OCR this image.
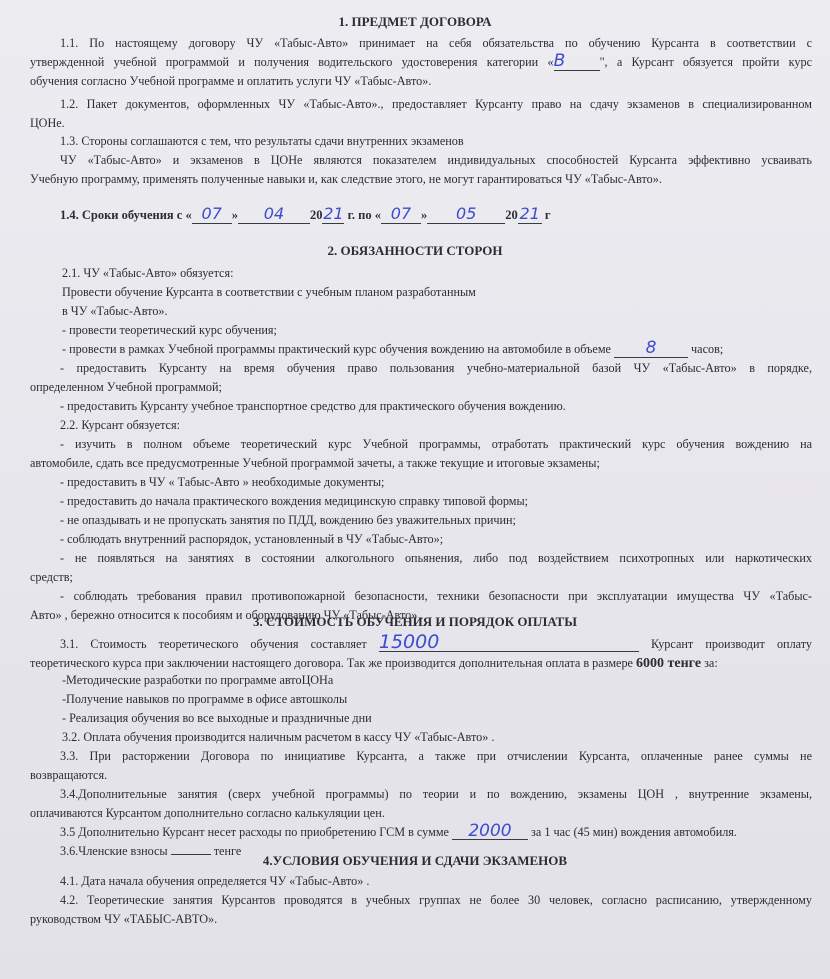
1. ПРЕДМЕТ ДОГОВОРА

1.1. По настоящему договору ЧУ «Табыс-Авто» принимает на себя обязательства по обучению Курсанта в соответствии с
утвержденной учебной программой и получения водительского удостоверения категории «В	", а Курсант обязуется пройти курс
обучения согласно Учебной программе и оплатить услуги ЧУ «Табыс-Авто».
1.2. Пакет документов, оформленных ЧУ «Табыс-Авто»., предоставляет Курсанту право на сдачу экзаменов в специализированном
ЦОНе.
1.3. Стороны соглашаются с тем, что результаты сдачи внутренних экзаменов
ЧУ «Табыс-Авто» и экзаменов в ЦОНе являются показателем индивидуальных способностей Курсанта эффективно усваивать
Учебную программу, применять полученные навыки и, как следствие этого, не могут гарантироваться ЧУ «Табыс-Авто».
1.4. Сроки обучения с « 07 » 04 2021 г. по « 07 » 05 20 21 г

2. ОБЯЗАННОСТИ СТОРОН

2.1. ЧУ «Табыс-Авто» обязуется:
Провести обучение Курсанта в соответствии с учебным планом разработанным
в ЧУ «Табыс-Авто».
- провести теоретический курс обучения;
- провести в рамках Учебной программы практический курс обучения вождению на автомобиле в объеме 8	часов;
- предоставить Курсанту на время обучения право пользования учебно-материальной базой ЧУ «Табыс-Авто» в порядке,
определенном Учебной программой;
- предоставить Курсанту учебное транспортное средство для практического обучения вождению.
2.2. Курсант обязуется:
- изучить в полном объеме теоретический курс Учебной программы, отработать практический курс обучения вождению на
автомобиле, сдать все предусмотренные Учебной программой зачеты, а также текущие и итоговые экзамены;
- предоставить в ЧУ « Табыс-Авто » необходимые документы;
- предоставить до начала практического вождения медицинскую справку типовой формы;
- не опаздывать и не пропускать занятия по ПДД, вождению без уважительных причин;
- соблюдать внутренний распорядок, установленный в ЧУ «Табыс-Авто»;
- не появляться на занятиях в состоянии алкогольного опьянения, либо под воздействием психотропных или наркотических
средств;
- соблюдать требования правил противопожарной безопасности, техники безопасности при эксплуатации имущества ЧУ «Табыс-
Авто» , бережно относится к пособиям и оборудованию ЧУ «Табыс-Авто» .

3. СТОИМОСТЬ ОБУЧЕНИЯ И ПОРЯДОК ОПЛАТЫ

3.1. Стоимость теоретического обучения составляет 15000	Курсант производит оплату
теоретического курса при заключении настоящего договора. Так же производится дополнительная оплата в размере 6000 тенге за:
-Методические разработки по программе автоЦОНа
-Получение навыков по программе в офисе автошколы
- Реализация обучения во все выходные и праздничные дни
3.2. Оплата обучения производится наличным расчетом в кассу ЧУ «Табыс-Авто» .
3.3. При расторжении Договора по инициативе Курсанта, а также при отчислении Курсанта, оплаченные ранее суммы не
возвращаются.
3.4.Дополнительные занятия (сверх учебной программы) по теории и по вождению, экзамены ЦОН , внутренние экзамены,
оплачиваются Курсантом дополнительно согласно калькуляции цен.
3.5 Дополнительно Курсант несет расходы по приобретению ГСМ в сумме 2000 за 1 час (45 мин) вождения автомобиля.
3.6.Членские взносы	тенге

4.УСЛОВИЯ ОБУЧЕНИЯ И СДАЧИ ЭКЗАМЕНОВ

4.1. Дата начала обучения определяется ЧУ «Табыс-Авто» .
4.2. Теоретические занятия Курсантов проводятся в учебных группах не более 30 человек, согласно расписанию, утвержденному
руководством ЧУ «ТАБЫС-АВТО».
